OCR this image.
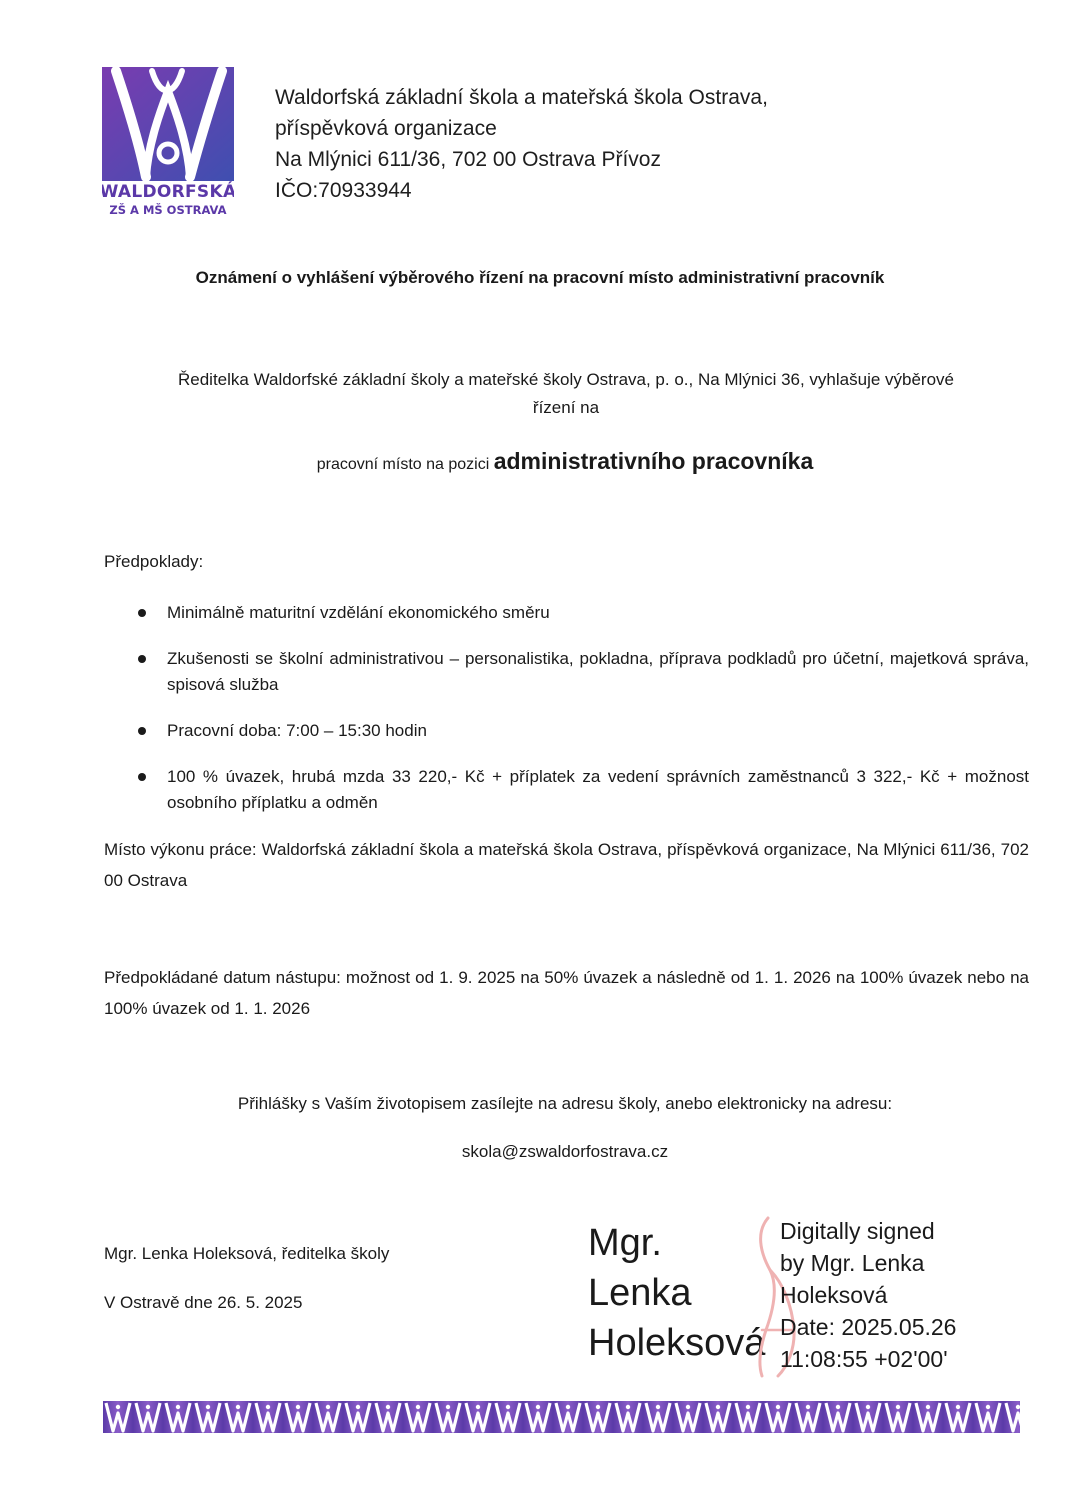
WALDORFSKÁ
ZŠ A MŠ OSTRAVA
Waldorfská základní škola a mateřská škola Ostrava,
příspěvková organizace
Na Mlýnici 611/36, 702 00 Ostrava Přívoz
IČO:70933944
Oznámení o vyhlášení výběrového řízení na pracovní místo administrativní pracovník
Ředitelka Waldorfské základní školy a mateřské školy Ostrava, p. o., Na Mlýnici 36, vyhlašuje výběrové
řízení na
pracovní místo na pozici administrativního pracovníka
Předpoklady:
Minimálně maturitní vzdělání ekonomického směru
Zkušenosti se školní administrativou – personalistika, pokladna, příprava podkladů pro účetní, majetková správa, spisová služba
Pracovní doba: 7:00 – 15:30 hodin
100 % úvazek, hrubá mzda 33 220,- Kč + příplatek za vedení správních zaměstnanců 3 322,- Kč + možnost osobního příplatku a odměn
Místo výkonu práce: Waldorfská základní škola a mateřská škola Ostrava, příspěvková organizace, Na Mlýnici 611/36, 702 00 Ostrava
Předpokládané datum nástupu: možnost od 1. 9. 2025 na 50% úvazek a následně od 1. 1. 2026 na 100% úvazek nebo na 100% úvazek od 1. 1. 2026
Přihlášky s Vaším životopisem zasílejte na adresu školy, anebo elektronicky na adresu:
skola@zswaldorfostrava.cz
Mgr. Lenka Holeksová, ředitelka školy
V Ostravě dne 26. 5. 2025
Mgr.
Lenka
Holeksová
Digitally signed
by Mgr. Lenka
Holeksová
Date: 2025.05.26
11:08:55 +02'00'
